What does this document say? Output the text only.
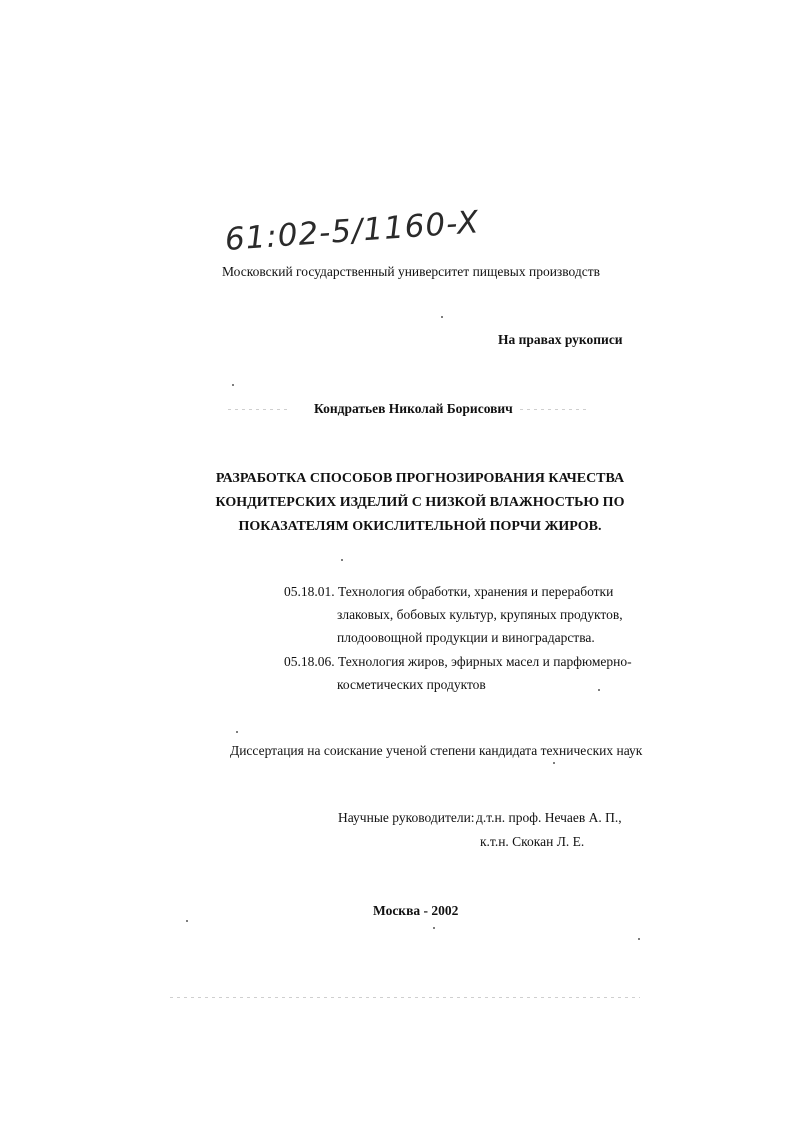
61:02-5/1160-X
Московский государственный университет пищевых производств
На правах рукописи
Кондратьев Николай Борисович
РАЗРАБОТКА СПОСОБОВ ПРОГНОЗИРОВАНИЯ КАЧЕСТВА
КОНДИТЕРСКИХ ИЗДЕЛИЙ С НИЗКОЙ ВЛАЖНОСТЬЮ ПО
ПОКАЗАТЕЛЯМ ОКИСЛИТЕЛЬНОЙ ПОРЧИ ЖИРОВ.
05.18.01. Технология обработки, хранения и переработки
злаковых, бобовых культур, крупяных продуктов,
плодоовощной продукции и виноградарства.
05.18.06. Технология жиров, эфирных масел и парфюмерно-
косметических продуктов
Диссертация на соискание ученой степени кандидата технических наук
Научные руководители: д.т.н. проф. Нечаев А. П.,
к.т.н. Скокан Л. Е.
Москва - 2002
